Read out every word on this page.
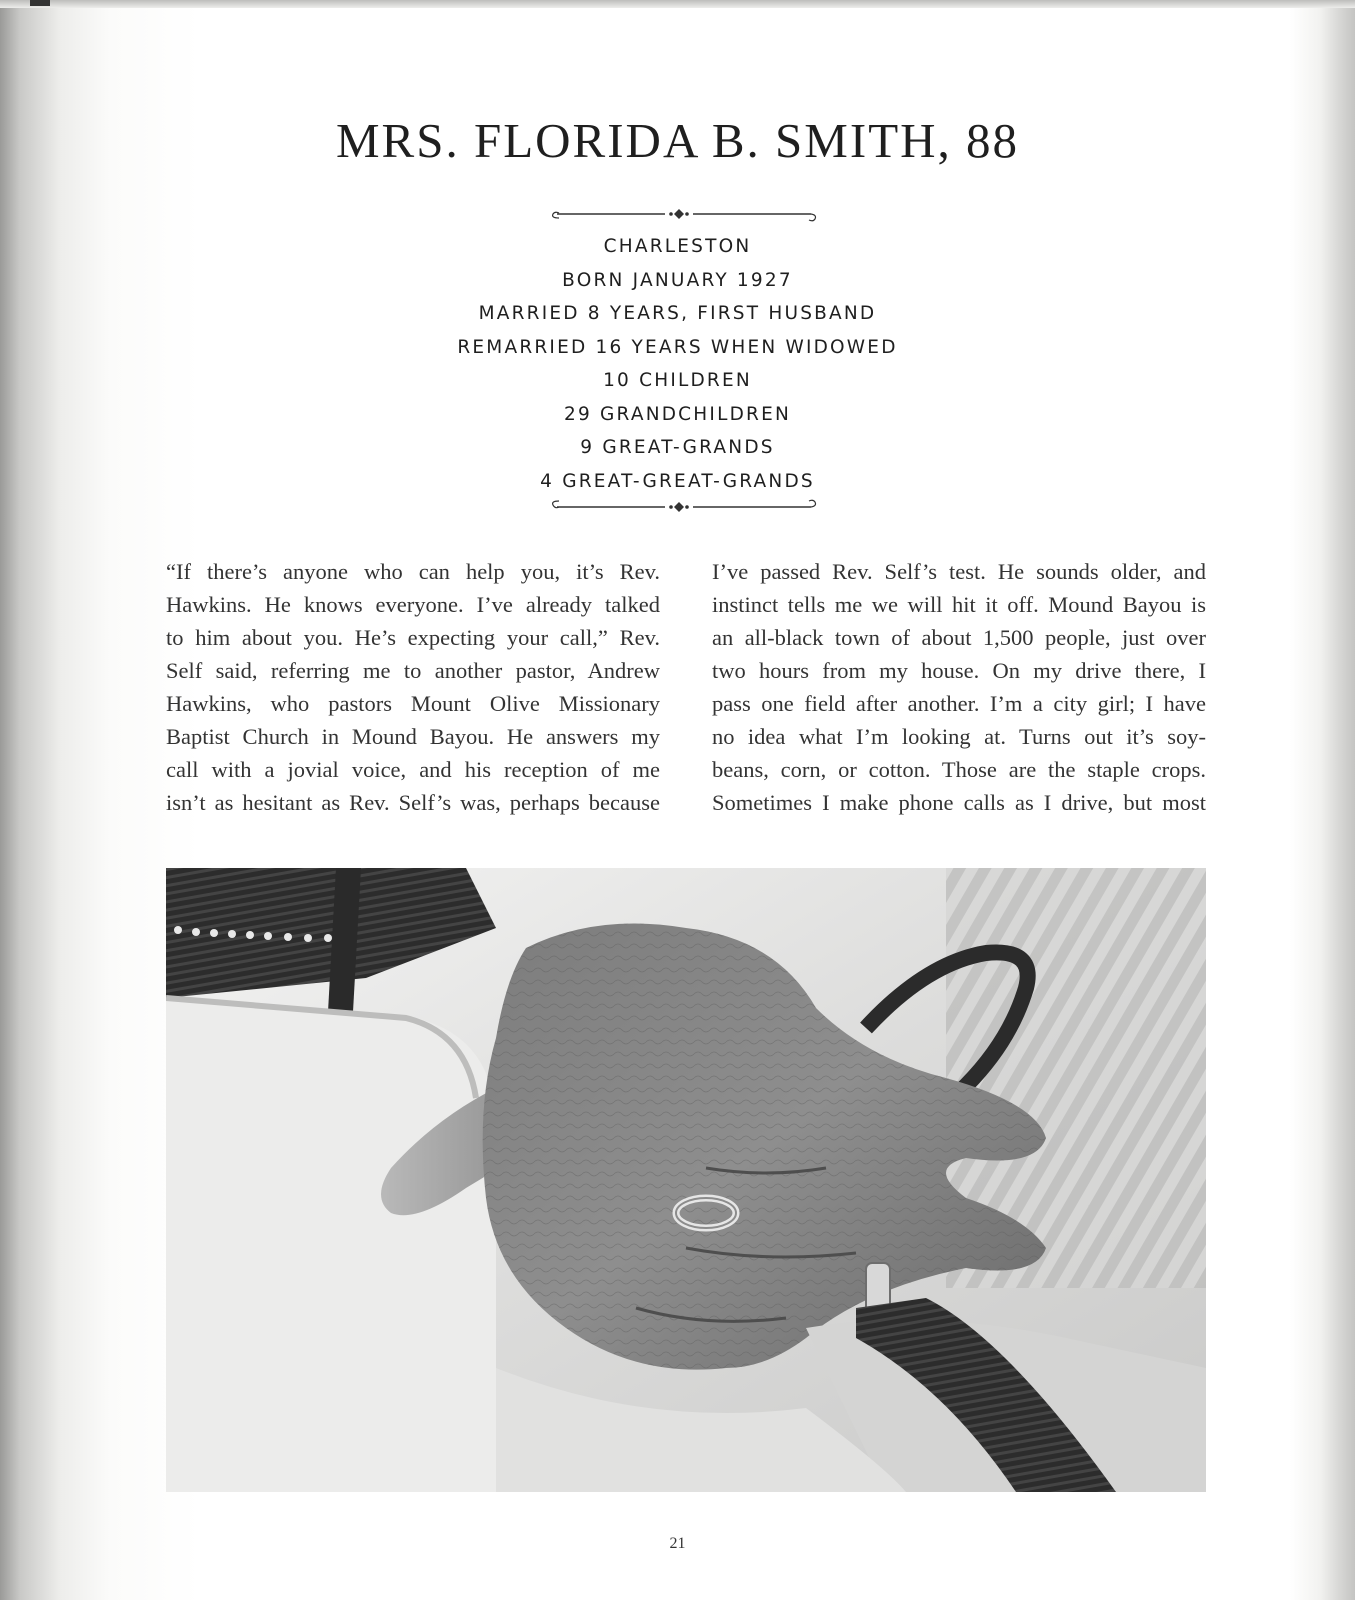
MRS. FLORIDA B. SMITH, 88
CHARLESTON
BORN JANUARY 1927
MARRIED 8 YEARS, FIRST HUSBAND
REMARRIED 16 YEARS WHEN WIDOWED
10 CHILDREN
29 GRANDCHILDREN
9 GREAT-GRANDS
4 GREAT-GREAT-GRANDS

“If there’s anyone who can help you, it’s Rev.
Hawkins. He knows everyone. I’ve already talked
to him about you. He’s expecting your call,” Rev.
Self said, referring me to another pastor, Andrew
Hawkins, who pastors Mount Olive Missionary
Baptist Church in Mound Bayou. He answers my
call with a jovial voice, and his reception of me
isn’t as hesitant as Rev. Self’s was, perhaps because

I’ve passed Rev. Self’s test. He sounds older, and
instinct tells me we will hit it off. Mound Bayou is
an all-black town of about 1,500 people, just over
two hours from my house. On my drive there, I
pass one field after another. I’m a city girl; I have
no idea what I’m looking at. Turns out it’s soy-
beans, corn, or cotton. Those are the staple crops.
Sometimes I make phone calls as I drive, but most

21
